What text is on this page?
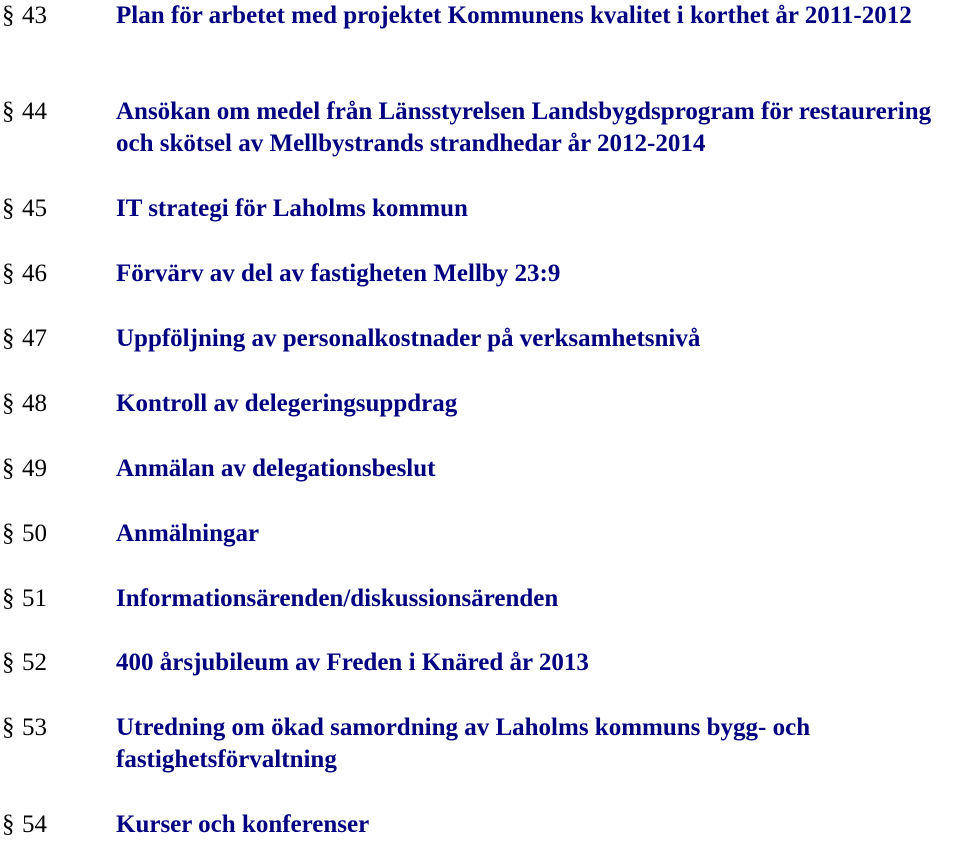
§ 43	Plan för arbetet med projektet Kommunens kvalitet i korthet år 2011-2012
§ 44	Ansökan om medel från Länsstyrelsen Landsbygdsprogram för restaurering och skötsel av Mellbystrands strandhedar år 2012-2014
§ 45	IT strategi för Laholms kommun
§ 46	Förvärv av del av fastigheten Mellby 23:9
§ 47	Uppföljning av personalkostnader på verksamhetsnivå
§ 48	Kontroll av delegeringsuppdrag
§ 49	Anmälan av delegationsbeslut
§ 50	Anmälningar
§ 51	Informationsärenden/diskussionsärenden
§ 52	400 årsjubileum av Freden i Knäred år 2013
§ 53	Utredning om ökad samordning av Laholms kommuns bygg- och fastighetsförvaltning
§ 54	Kurser och konferenser
